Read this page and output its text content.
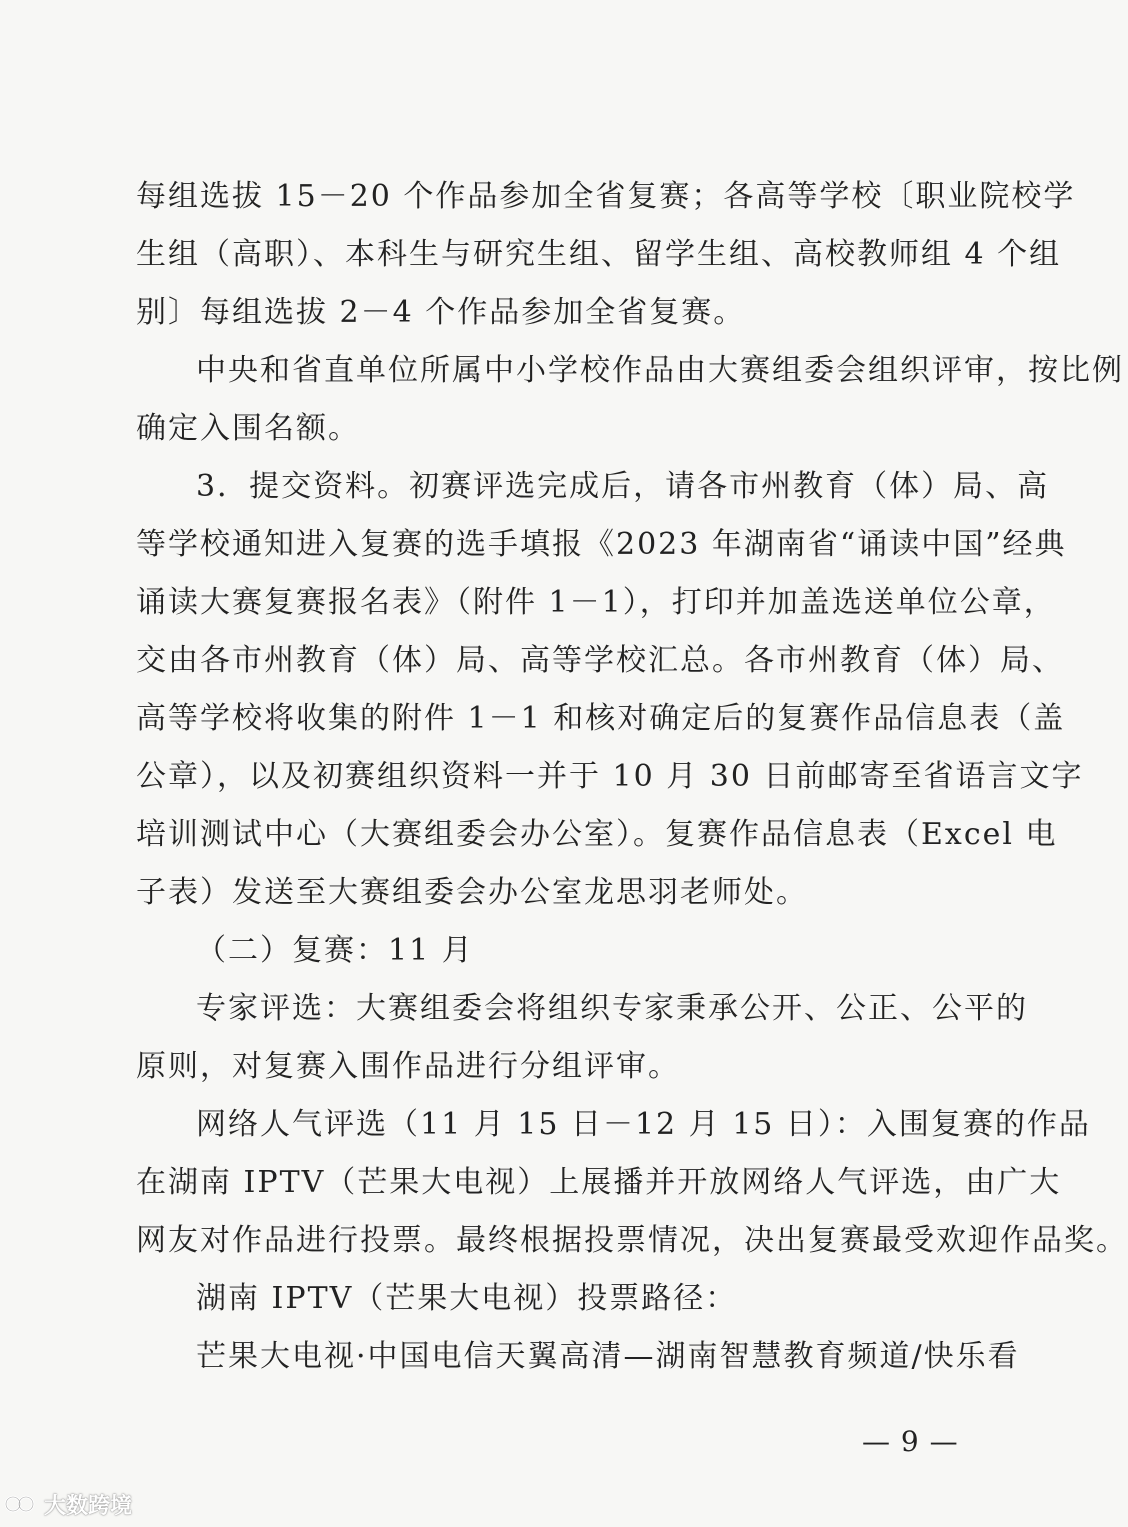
每组选拔 15－20 个作品参加全省复赛；各高等学校〔职业院校学
生组（高职）、本科生与研究生组、留学生组、高校教师组 4 个组
别〕每组选拔 2－4 个作品参加全省复赛。
中央和省直单位所属中小学校作品由大赛组委会组织评审，按比例
确定入围名额。
3．提交资料。初赛评选完成后，请各市州教育（体）局、高
等学校通知进入复赛的选手填报《2023 年湖南省“诵读中国”经典
诵读大赛复赛报名表》（附件 1－1），打印并加盖选送单位公章，
交由各市州教育（体）局、高等学校汇总。各市州教育（体）局、
高等学校将收集的附件 1－1 和核对确定后的复赛作品信息表（盖
公章），以及初赛组织资料一并于 10 月 30 日前邮寄至省语言文字
培训测试中心（大赛组委会办公室）。复赛作品信息表（Excel 电
子表）发送至大赛组委会办公室龙思羽老师处。
（二）复赛：11 月
专家评选：大赛组委会将组织专家秉承公开、公正、公平的
原则，对复赛入围作品进行分组评审。
网络人气评选（11 月 15 日－12 月 15 日）：入围复赛的作品
在湖南 IPTV（芒果大电视）上展播并开放网络人气评选，由广大
网友对作品进行投票。最终根据投票情况，决出复赛最受欢迎作品奖。
湖南 IPTV（芒果大电视）投票路径：
芒果大电视·中国电信天翼高清—湖南智慧教育频道/快乐看
— 9 —
大数跨境
